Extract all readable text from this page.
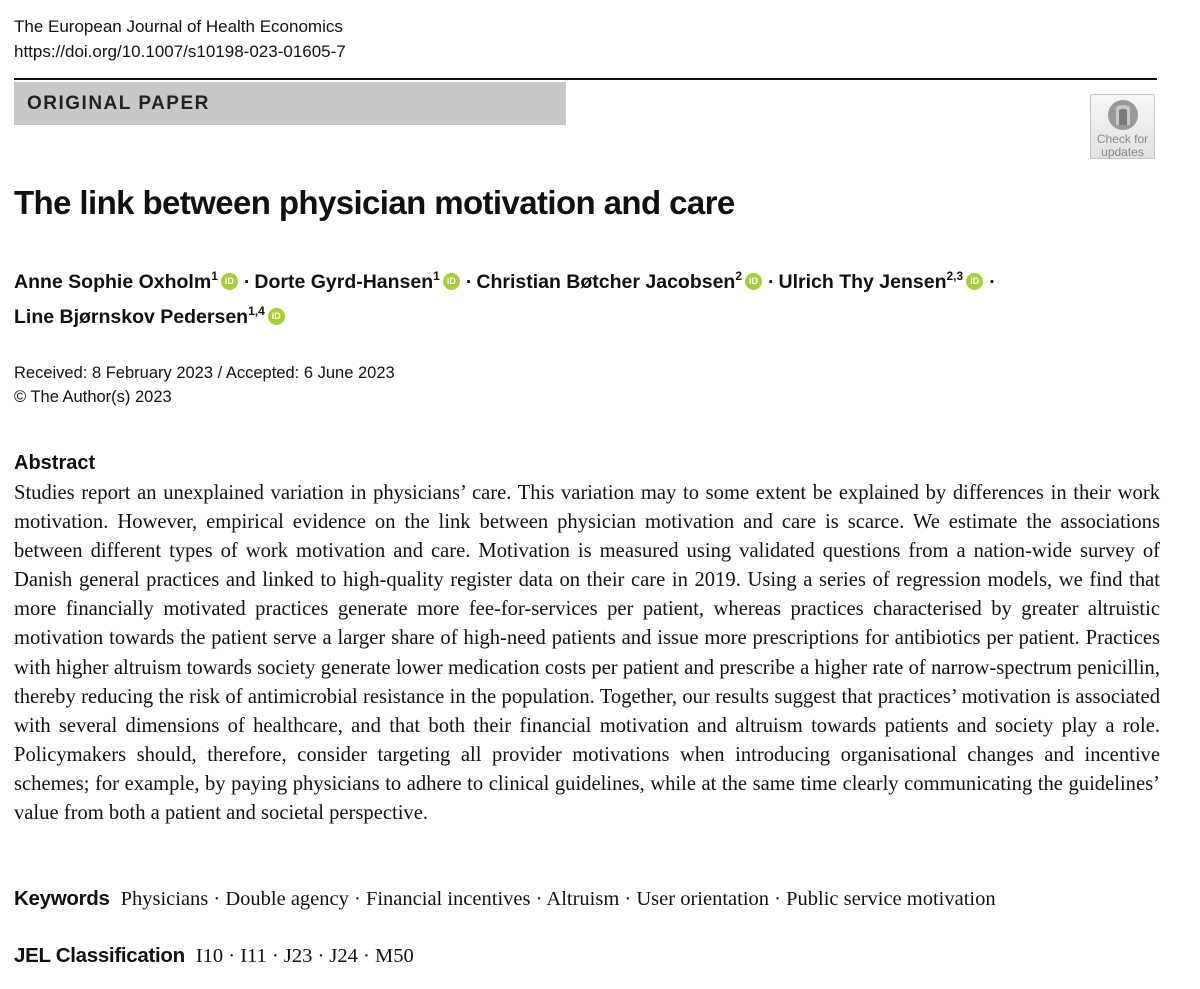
The European Journal of Health Economics
https://doi.org/10.1007/s10198-023-01605-7
ORIGINAL PAPER
Check for
updates
The link between physician motivation and care
Anne Sophie Oxholm$^1$ iD · Dorte Gyrd-Hansen$^1$ iD · Christian Bøtcher Jacobsen$^2$ iD · Ulrich Thy Jensen$^{2,3}$ iD ·
Line Bjørnskov Pedersen$^{1,4}$ iD
Received: 8 February 2023 / Accepted: 6 June 2023
© The Author(s) 2023
Abstract

Studies report an unexplained variation in physicians’ care. This variation may to some extent be explained by differences in their work motivation. However, empirical evidence on the link between physician motivation and care is scarce. We estimate the associations between different types of work motivation and care. Motivation is measured using validated questions from a nation-wide survey of Danish general practices and linked to high-quality register data on their care in 2019. Using a series of regression models, we find that more financially motivated practices generate more fee-for-services per patient, whereas practices characterised by greater altruistic motivation towards the patient serve a larger share of high-need patients and issue more prescriptions for antibiotics per patient. Practices with higher altruism towards society generate lower medication costs per patient and prescribe a higher rate of narrow-spectrum penicillin, thereby reducing the risk of antimicrobial resistance in the population. Together, our results suggest that practices’ motivation is associated with several dimensions of healthcare, and that both their financial motivation and altruism towards patients and society play a role. Policymakers should, therefore, consider targeting all provider motivations when introducing organisational changes and incentive schemes; for example, by paying physicians to adhere to clinical guidelines, while at the same time clearly communicating the guidelines’ value from both a patient and societal perspective.

Keywords Physicians · Double agency · Financial incentives · Altruism · User orientation · Public service motivation
JEL Classification I10 · I11 · J23 · J24 · M50
